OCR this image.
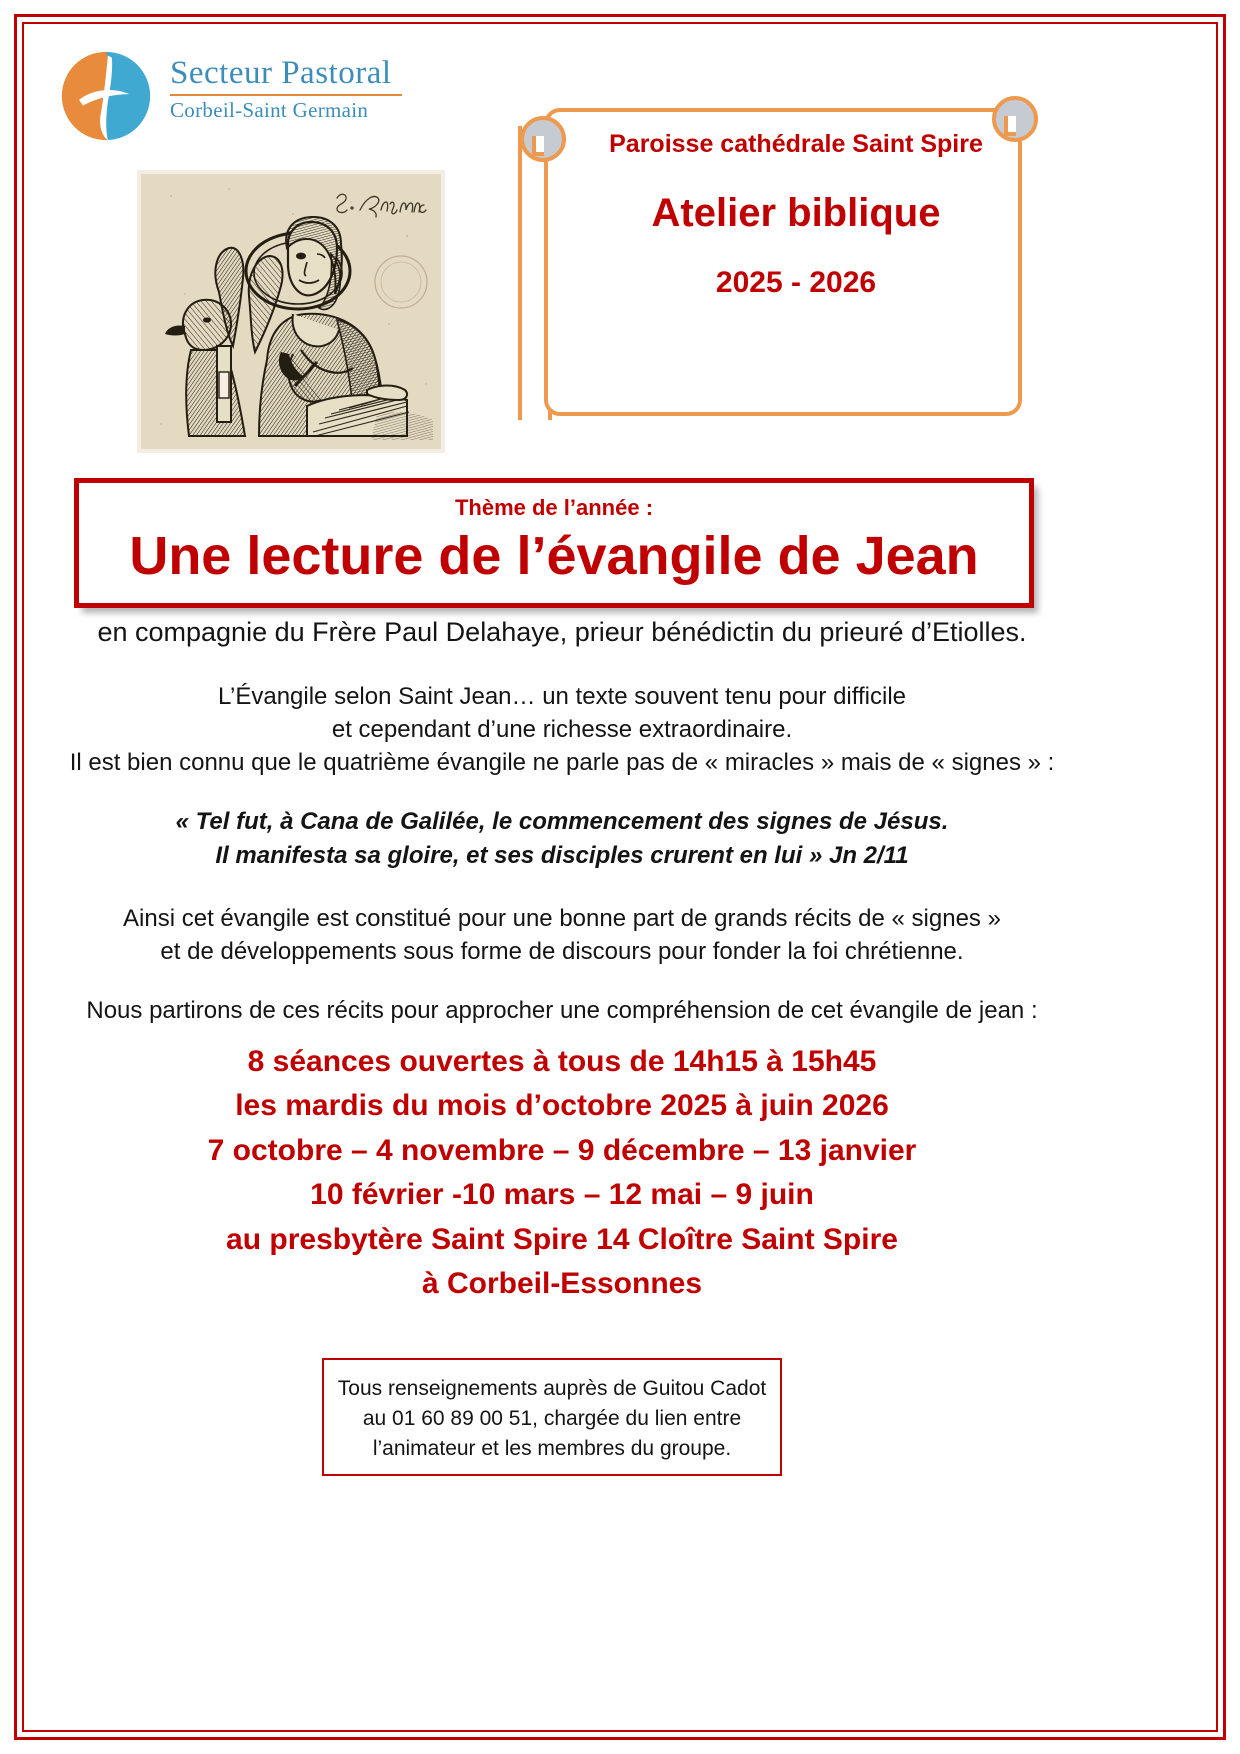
Secteur Pastoral
Corbeil-Saint Germain
Paroisse cathédrale Saint Spire
Atelier biblique
2025 - 2026
Thème de l’année :
Une lecture de l’évangile de Jean

en compagnie du Frère Paul Delahaye, prieur bénédictin du prieuré d’Etiolles.

L’Évangile selon Saint Jean… un texte souvent tenu pour difficile
et cependant d’une richesse extraordinaire.
Il est bien connu que le quatrième évangile ne parle pas de « miracles » mais de « signes » :

« Tel fut, à Cana de Galilée, le commencement des signes de Jésus.
Il manifesta sa gloire, et ses disciples crurent en lui » Jn 2/11

Ainsi cet évangile est constitué pour une bonne part de grands récits de « signes »
et de développements sous forme de discours pour fonder la foi chrétienne.

Nous partirons de ces récits pour approcher une compréhension de cet évangile de jean :

8 séances ouvertes à tous de 14h15 à 15h45
les mardis du mois d’octobre 2025 à juin 2026
7 octobre – 4 novembre – 9 décembre – 13 janvier
10 février -10 mars – 12 mai – 9 juin
au presbytère Saint Spire 14 Cloître Saint Spire
à Corbeil-Essonnes
Tous renseignements auprès de Guitou Cadot
au 01 60 89 00 51, chargée du lien entre
l’animateur et les membres du groupe.
